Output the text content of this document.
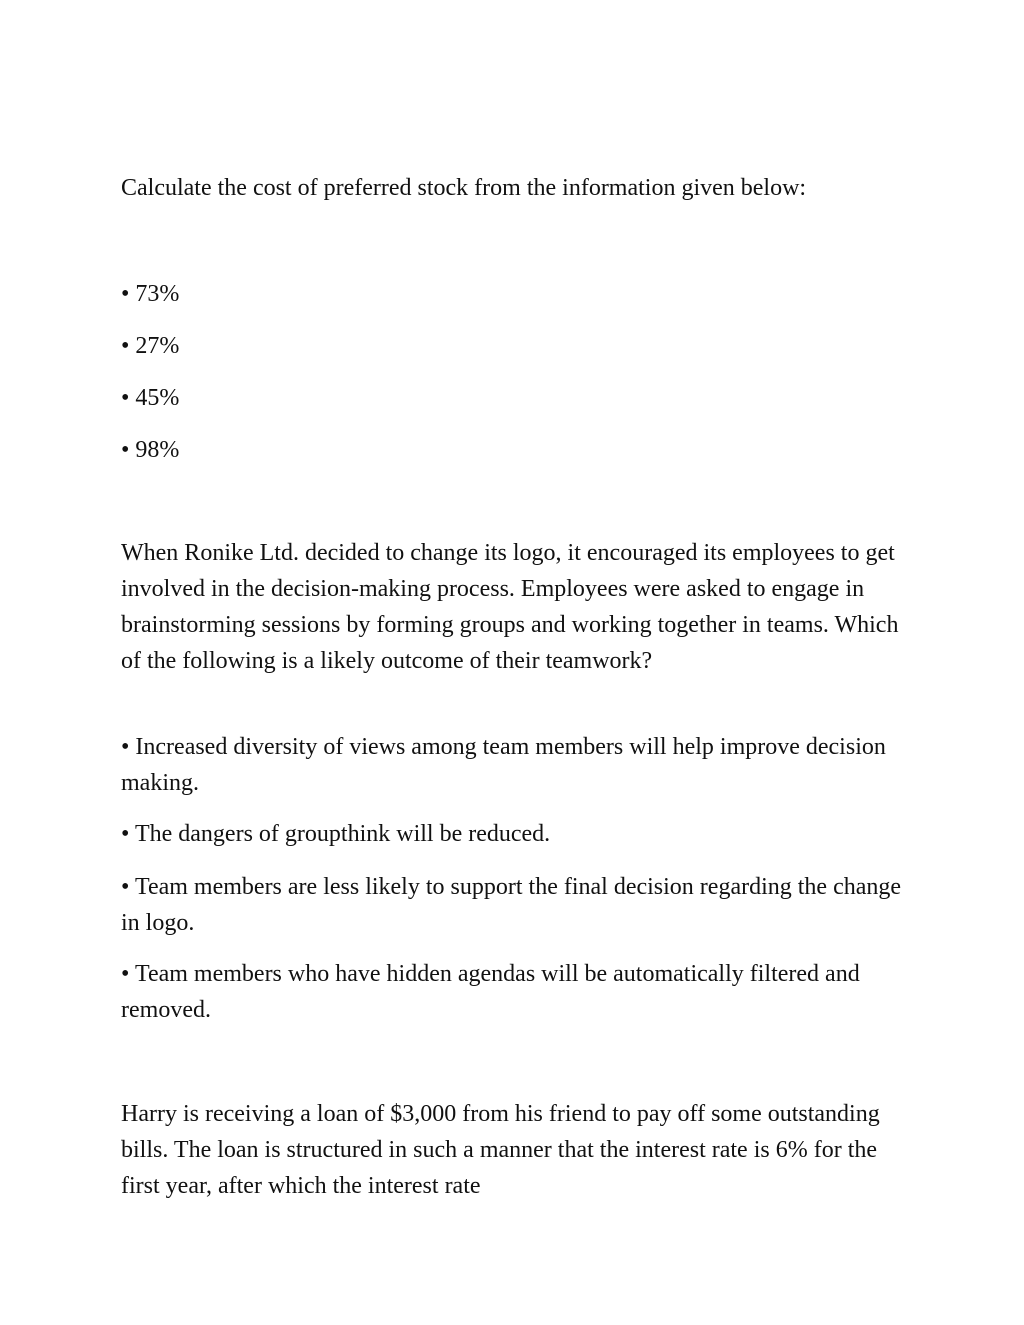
Calculate the cost of preferred stock from the information given below:

• 73%

• 27%

• 45%

• 98%

When Ronike Ltd. decided to change its logo, it encouraged its employees to get involved in the decision-making process. Employees were asked to engage in brainstorming sessions by forming groups and working together in teams. Which of the following is a likely outcome of their teamwork?

• Increased diversity of views among team members will help improve decision making.

• The dangers of groupthink will be reduced.

• Team members are less likely to support the final decision regarding the change in logo.

• Team members who have hidden agendas will be automatically filtered and removed.

Harry is receiving a loan of $3,000 from his friend to pay off some outstanding bills. The loan is structured in such a manner that the interest rate is 6% for the first year, after which the interest rate
